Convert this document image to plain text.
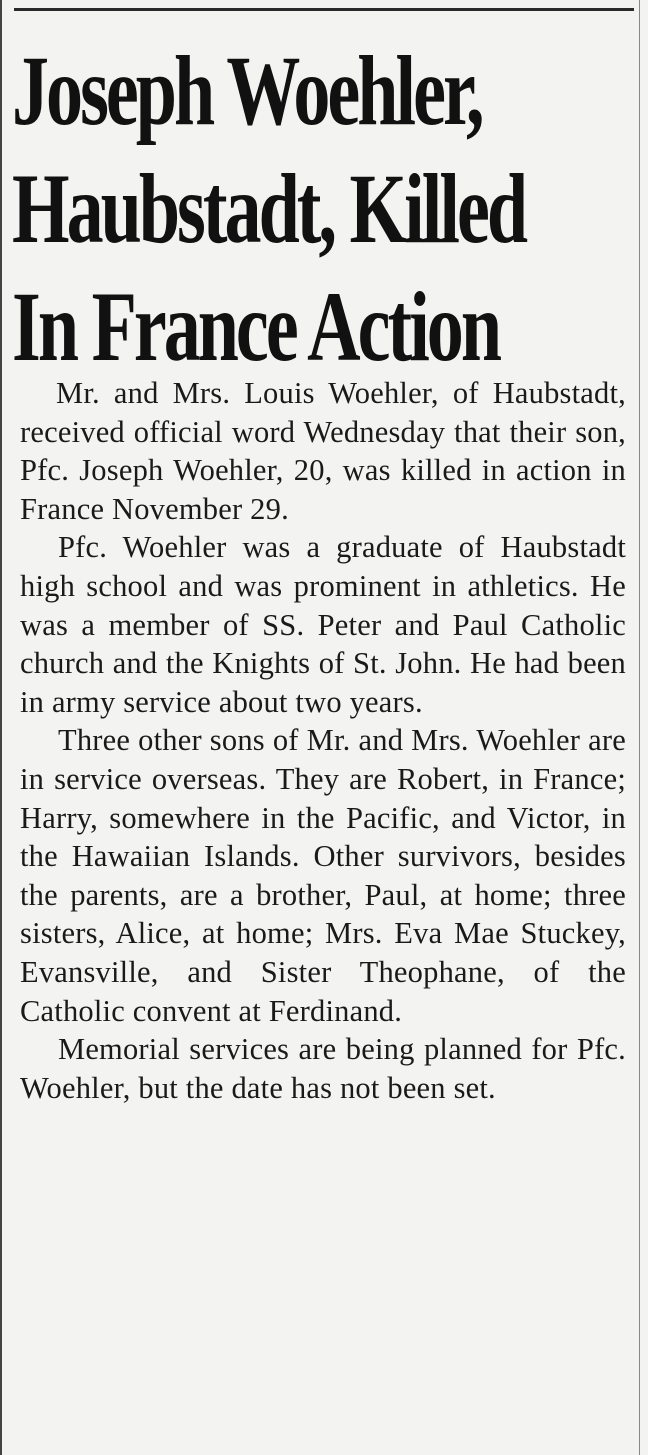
Joseph Woehler,
Haubstadt, Killed
In France Action

Mr. and Mrs. Louis Woehler, of Haubstadt, received official word Wednesday that their son, Pfc. Joseph Woehler, 20, was killed in action in France November 29.

Pfc. Woehler was a graduate of Haubstadt high school and was prominent in athletics. He was a member of SS. Peter and Paul Catholic church and the Knights of St. John. He had been in army service about two years.

Three other sons of Mr. and Mrs. Woehler are in service overseas. They are Robert, in France; Harry, somewhere in the Pacific, and Victor, in the Hawaiian Islands. Other survivors, besides the parents, are a brother, Paul, at home; three sisters, Alice, at home; Mrs. Eva Mae Stuckey, Evansville, and Sister Theophane, of the Catholic convent at Ferdinand.

Memorial services are being planned for Pfc. Woehler, but the date has not been set.
